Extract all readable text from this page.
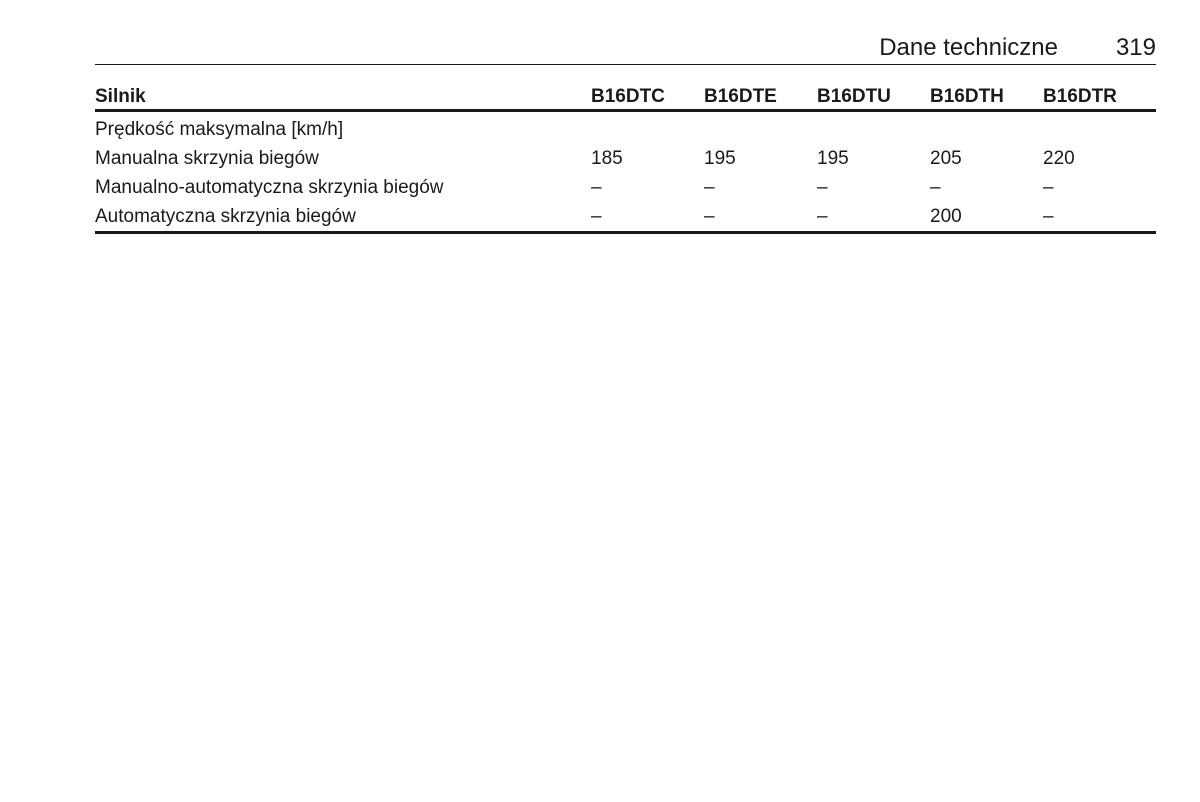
Dane techniczne 319
Silnik	B16DTC	B16DTE	B16DTU	B16DTH	B16DTR
Prędkość maksymalna [km/h]					
Manualna skrzynia biegów	185	195	195	205	220
Manualno-automatyczna skrzynia biegów	–	–	–	–	–
Automatyczna skrzynia biegów	–	–	–	200	–
